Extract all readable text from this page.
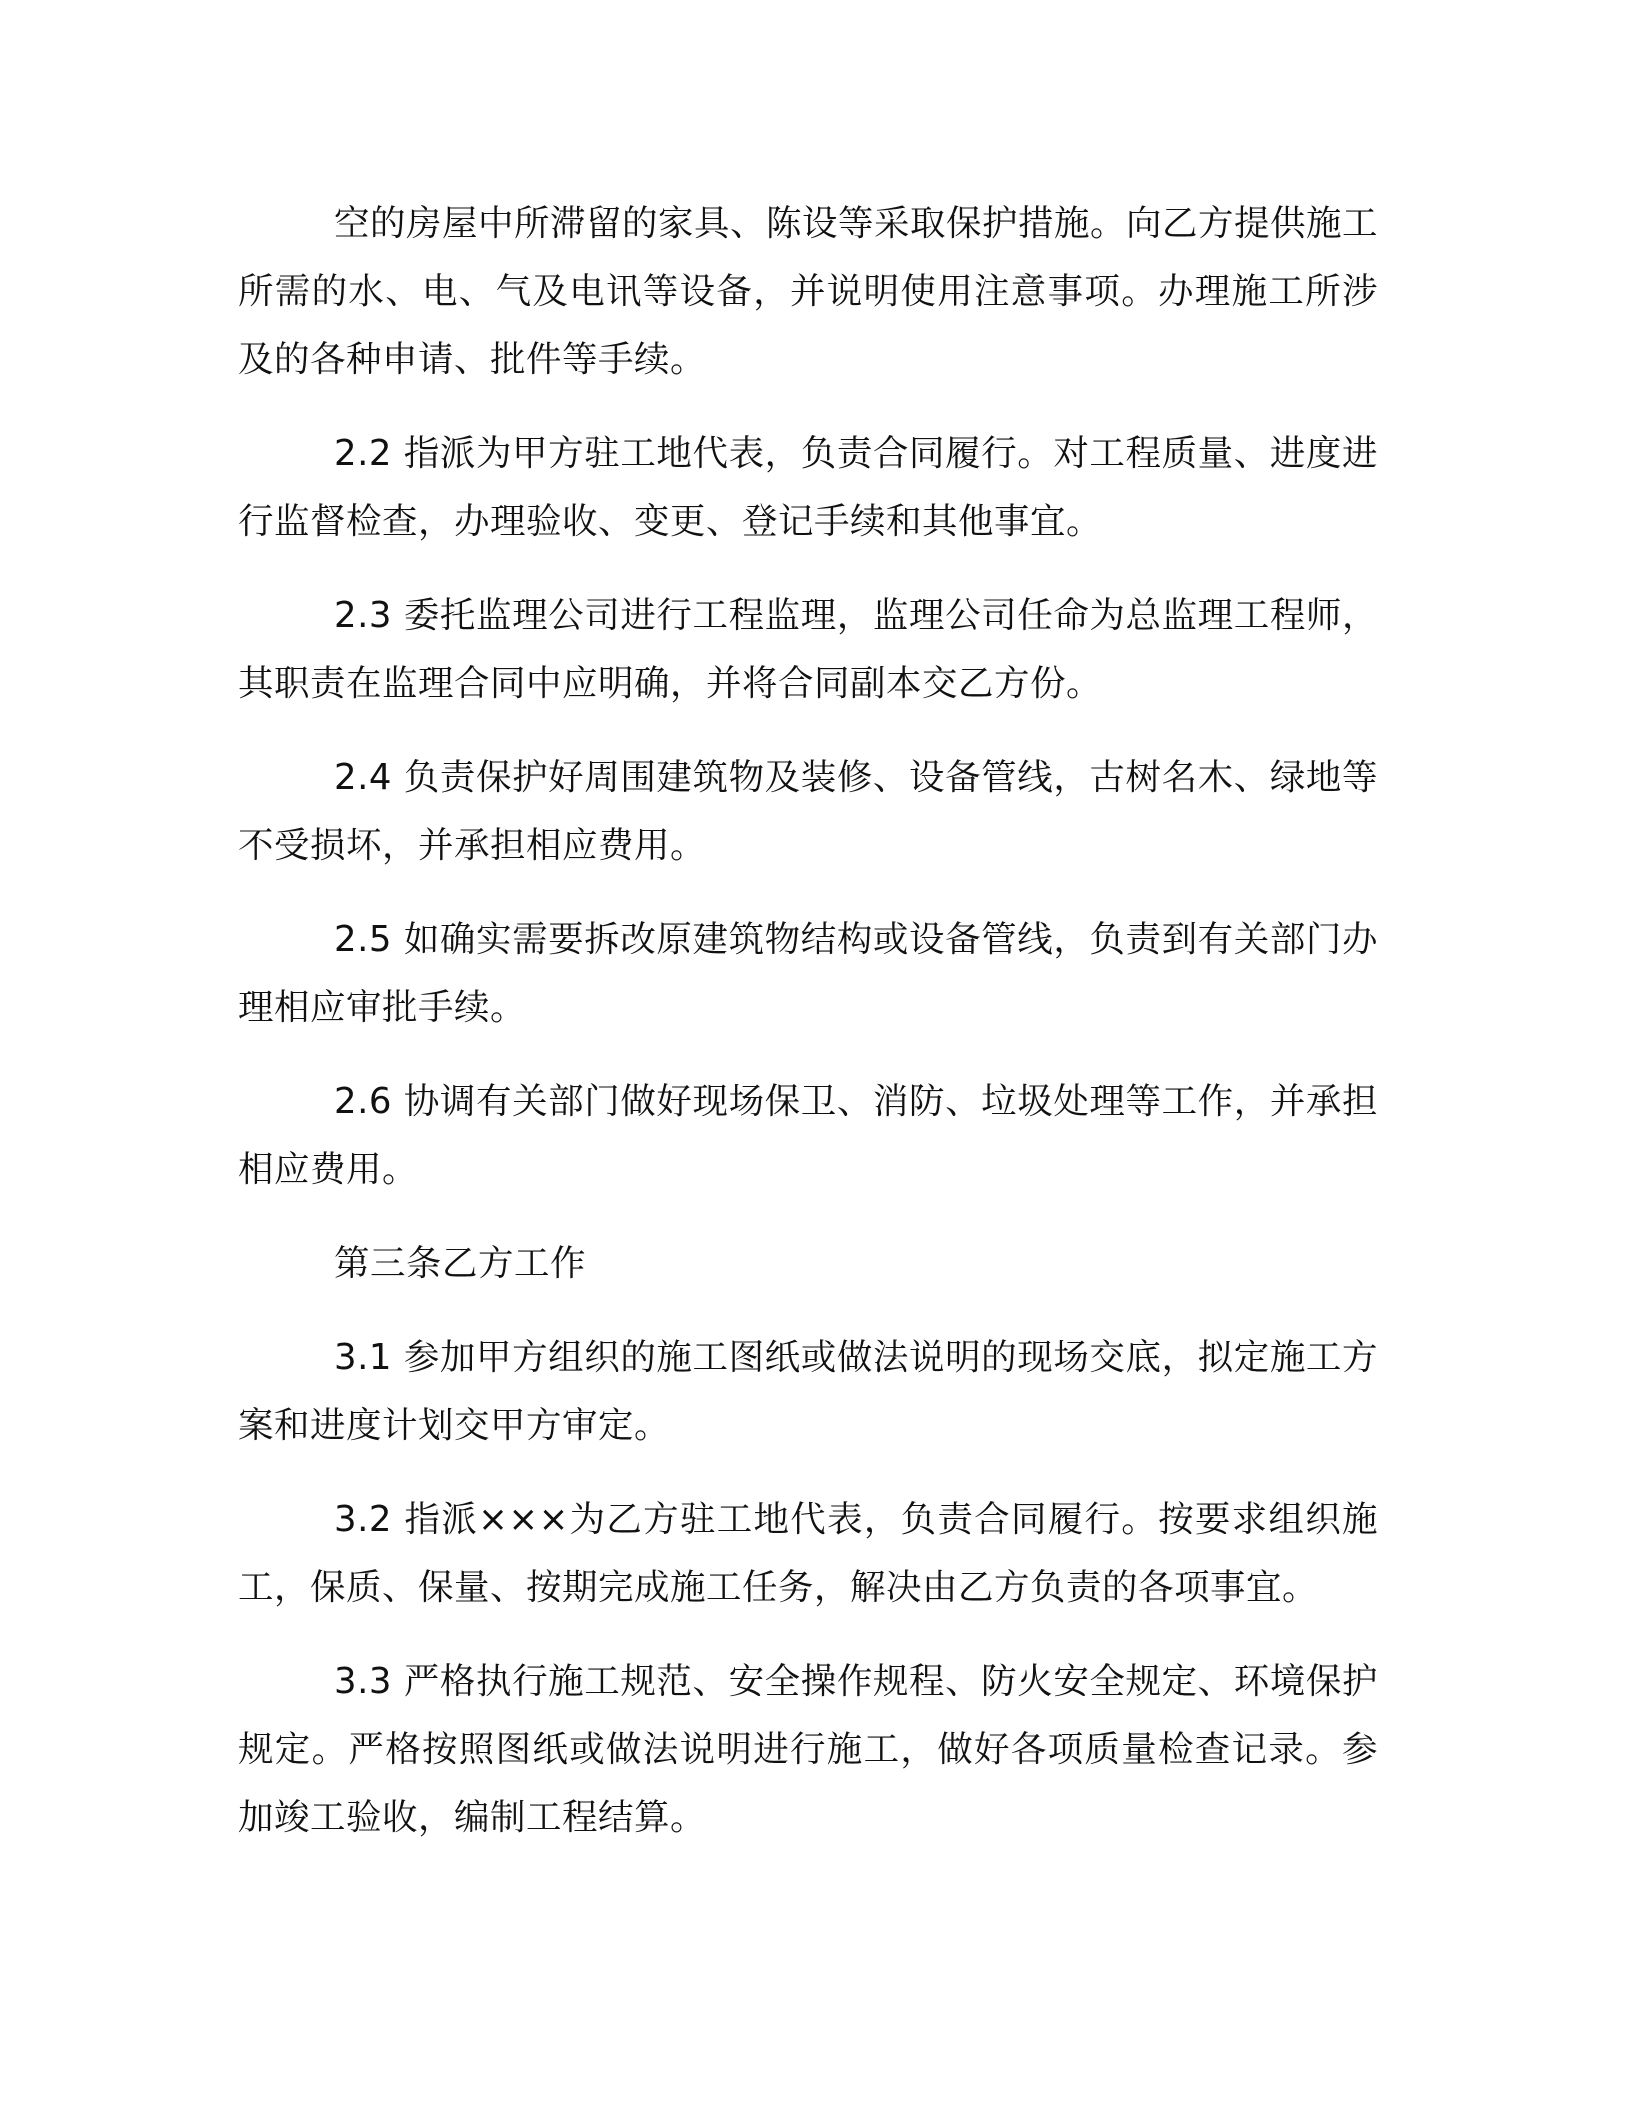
空的房屋中所滞留的家具、陈设等采取保护措施。向乙方提供施工所需的水、电、气及电讯等设备，并说明使用注意事项。办理施工所涉及的各种申请、批件等手续。

2.2 指派为甲方驻工地代表，负责合同履行。对工程质量、进度进行监督检查，办理验收、变更、登记手续和其他事宜。

2.3 委托监理公司进行工程监理，监理公司任命为总监理工程师，其职责在监理合同中应明确，并将合同副本交乙方份。

2.4 负责保护好周围建筑物及装修、设备管线，古树名木、绿地等不受损坏，并承担相应费用。

2.5 如确实需要拆改原建筑物结构或设备管线，负责到有关部门办理相应审批手续。

2.6 协调有关部门做好现场保卫、消防、垃圾处理等工作，并承担相应费用。

第三条乙方工作

3.1 参加甲方组织的施工图纸或做法说明的现场交底，拟定施工方案和进度计划交甲方审定。

3.2 指派×××为乙方驻工地代表，负责合同履行。按要求组织施工，保质、保量、按期完成施工任务，解决由乙方负责的各项事宜。

3.3 严格执行施工规范、安全操作规程、防火安全规定、环境保护规定。严格按照图纸或做法说明进行施工，做好各项质量检查记录。参加竣工验收，编制工程结算。
